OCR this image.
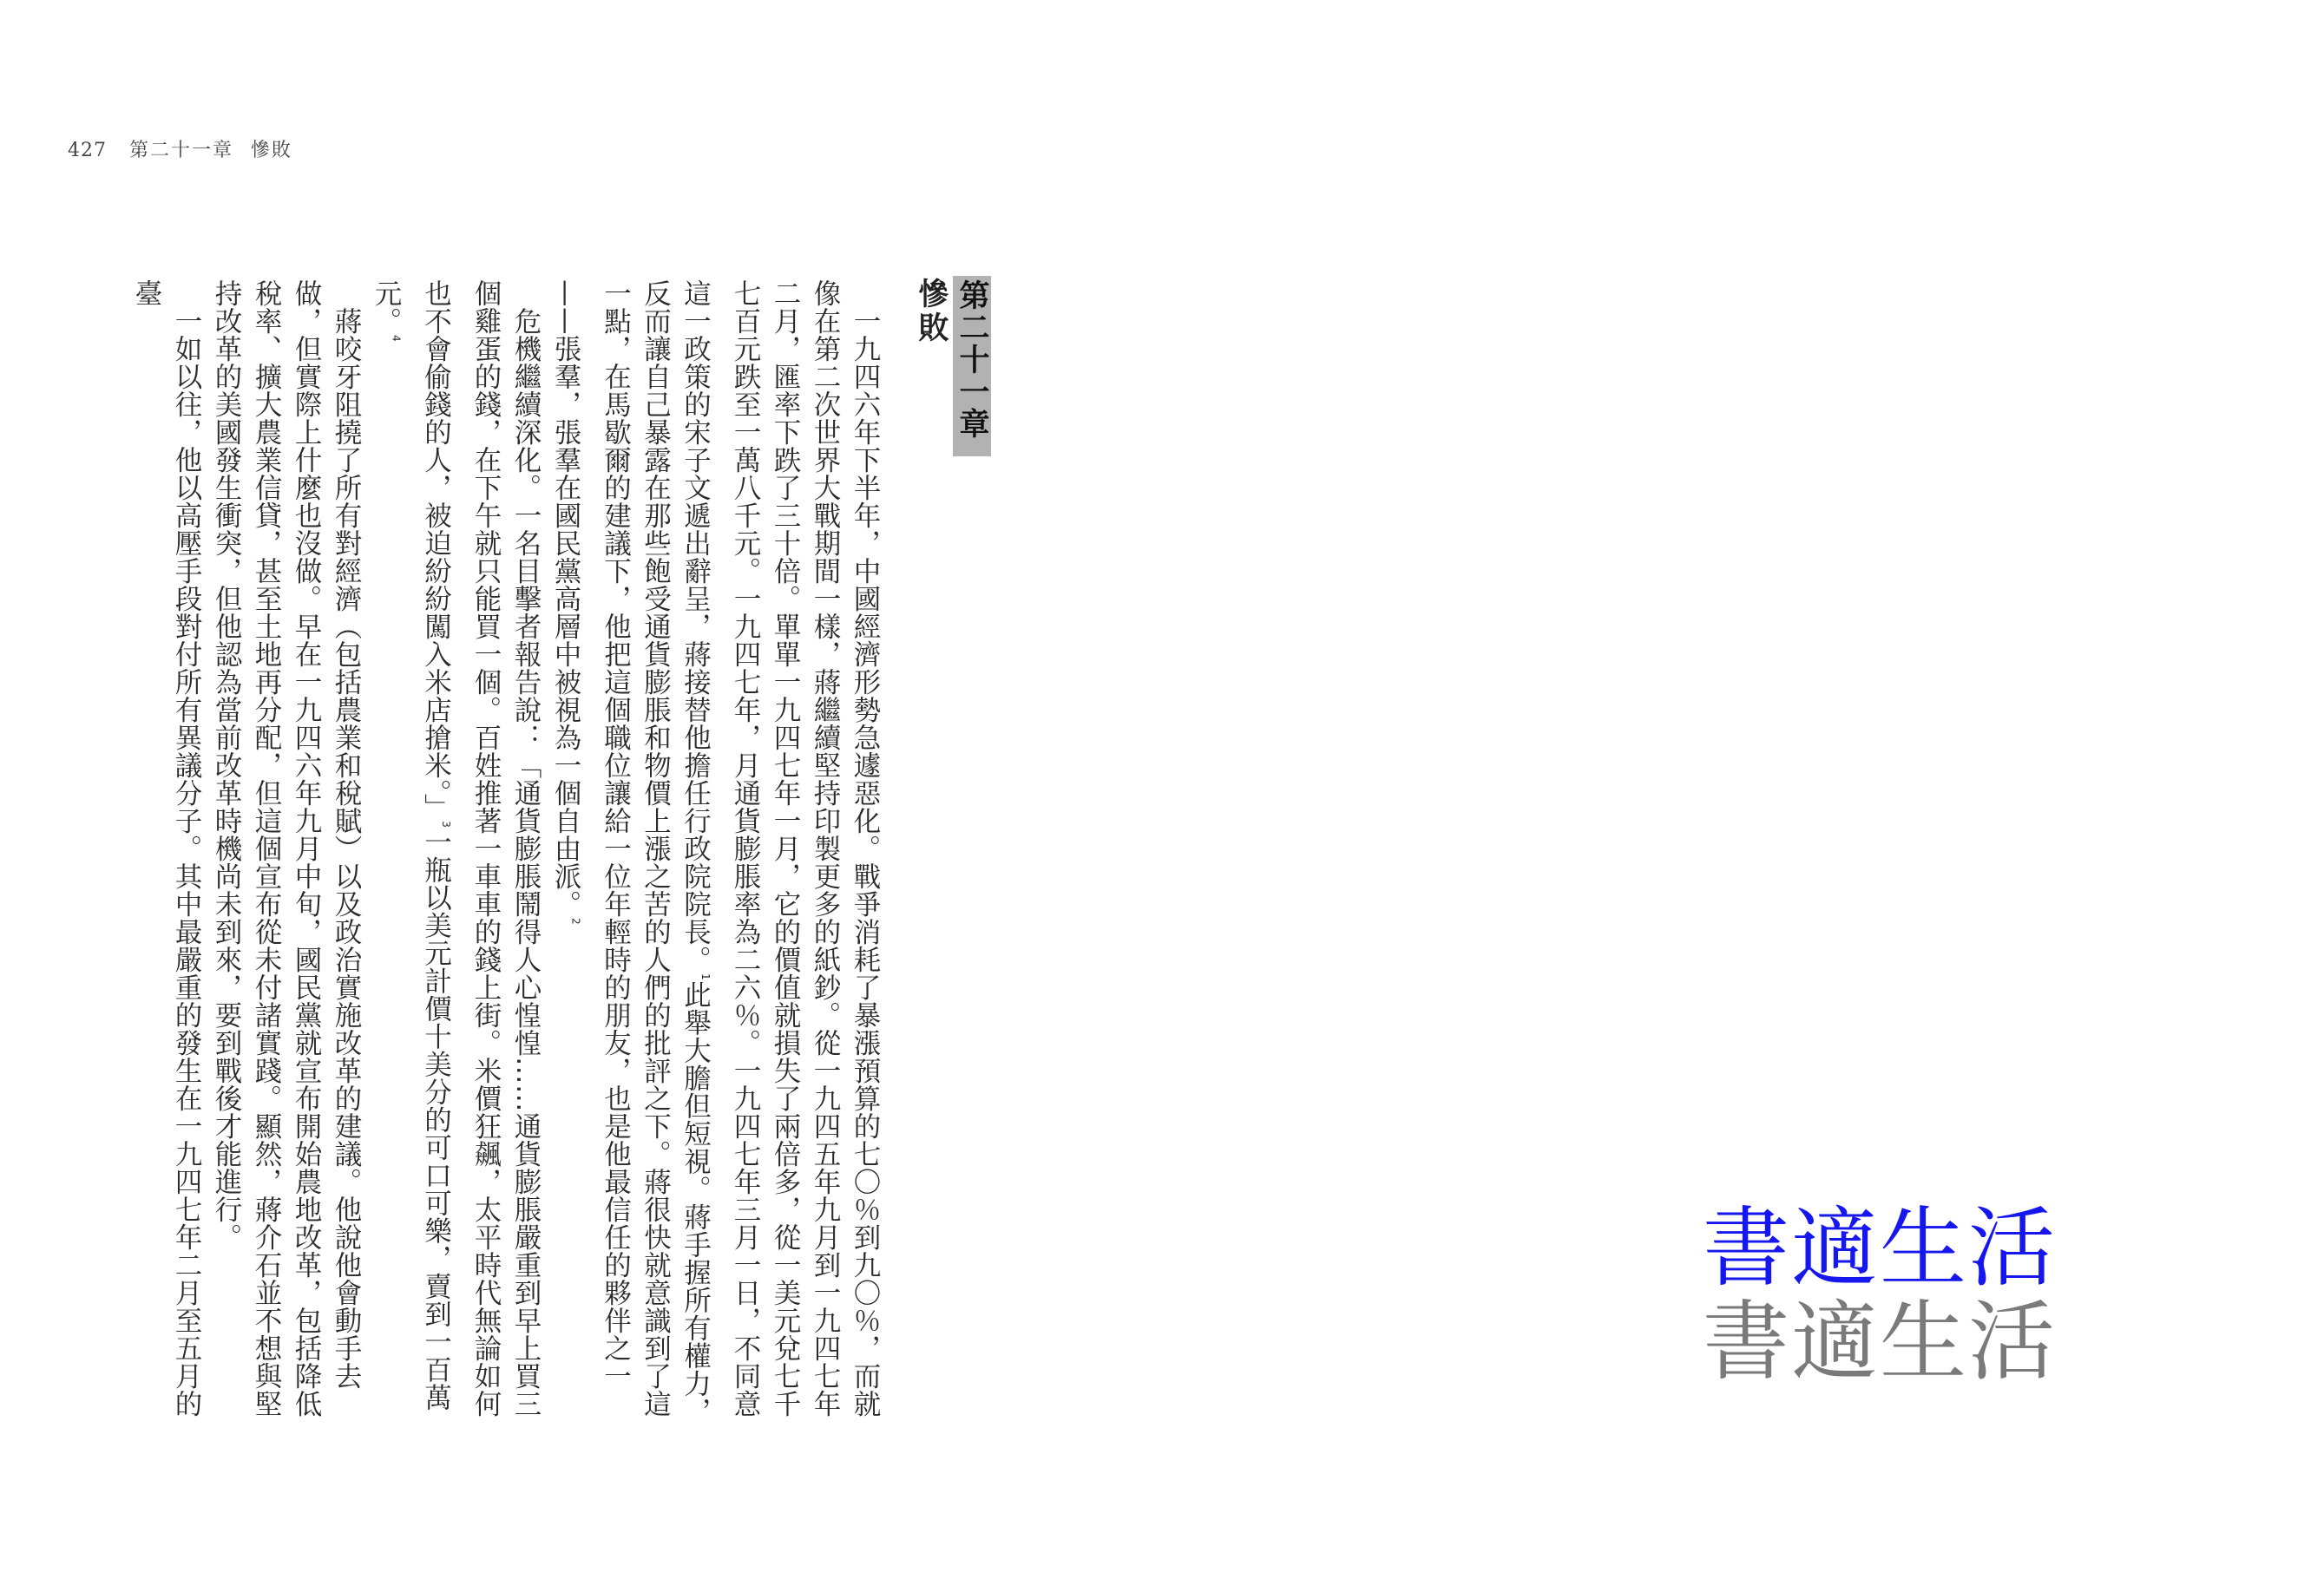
427 第二十一章 慘敗
第二十一章
慘敗

一九四六年下半年，中國經濟形勢急遽惡化。戰爭消耗了暴漲預算的七〇％到九〇％，而就像在第二次世界大戰期間一樣，蔣繼續堅持印製更多的紙鈔。從一九四五年九月到一九四七年二月，匯率下跌了三十倍。單單一九四七年一月，它的價值就損失了兩倍多，從一美元兌七千七百元跌至一萬八千元。一九四七年，月通貨膨脹率為二六％。一九四七年三月一日，不同意這一政策的宋子文遞出辭呈，蔣接替他擔任行政院院長。$^1$此舉大膽但短視。蔣手握所有權力，反而讓自己暴露在那些飽受通貨膨脹和物價上漲之苦的人們的批評之下。蔣很快就意識到了這一點，在馬歇爾的建議下，他把這個職位讓給一位年輕時的朋友，也是他最信任的夥伴之一——張羣，張羣在國民黨高層中被視為一個自由派。$^2$

危機繼續深化。一名目擊者報告說：「通貨膨脹鬧得人心惶惶……通貨膨脹嚴重到早上買三個雞蛋的錢，在下午就只能買一個。百姓推著一車車的錢上街。米價狂飆，太平時代無論如何也不會偷錢的人，被迫紛紛闖入米店搶米。」$^3$一瓶以美元計價十美分的可口可樂，賣到一百萬元。$^4$

蔣咬牙阻撓了所有對經濟（包括農業和稅賦）以及政治實施改革的建議。他說他會動手去做，但實際上什麼也沒做。早在一九四六年九月中旬，國民黨就宣布開始農地改革，包括降低稅率、擴大農業信貸，甚至土地再分配，但這個宣布從未付諸實踐。顯然，蔣介石並不想與堅持改革的美國發生衝突，但他認為當前改革時機尚未到來，要到戰後才能進行。

一如以往，他以高壓手段對付所有異議分子。其中最嚴重的發生在一九四七年二月至五月的臺

書適生活
書適生活
